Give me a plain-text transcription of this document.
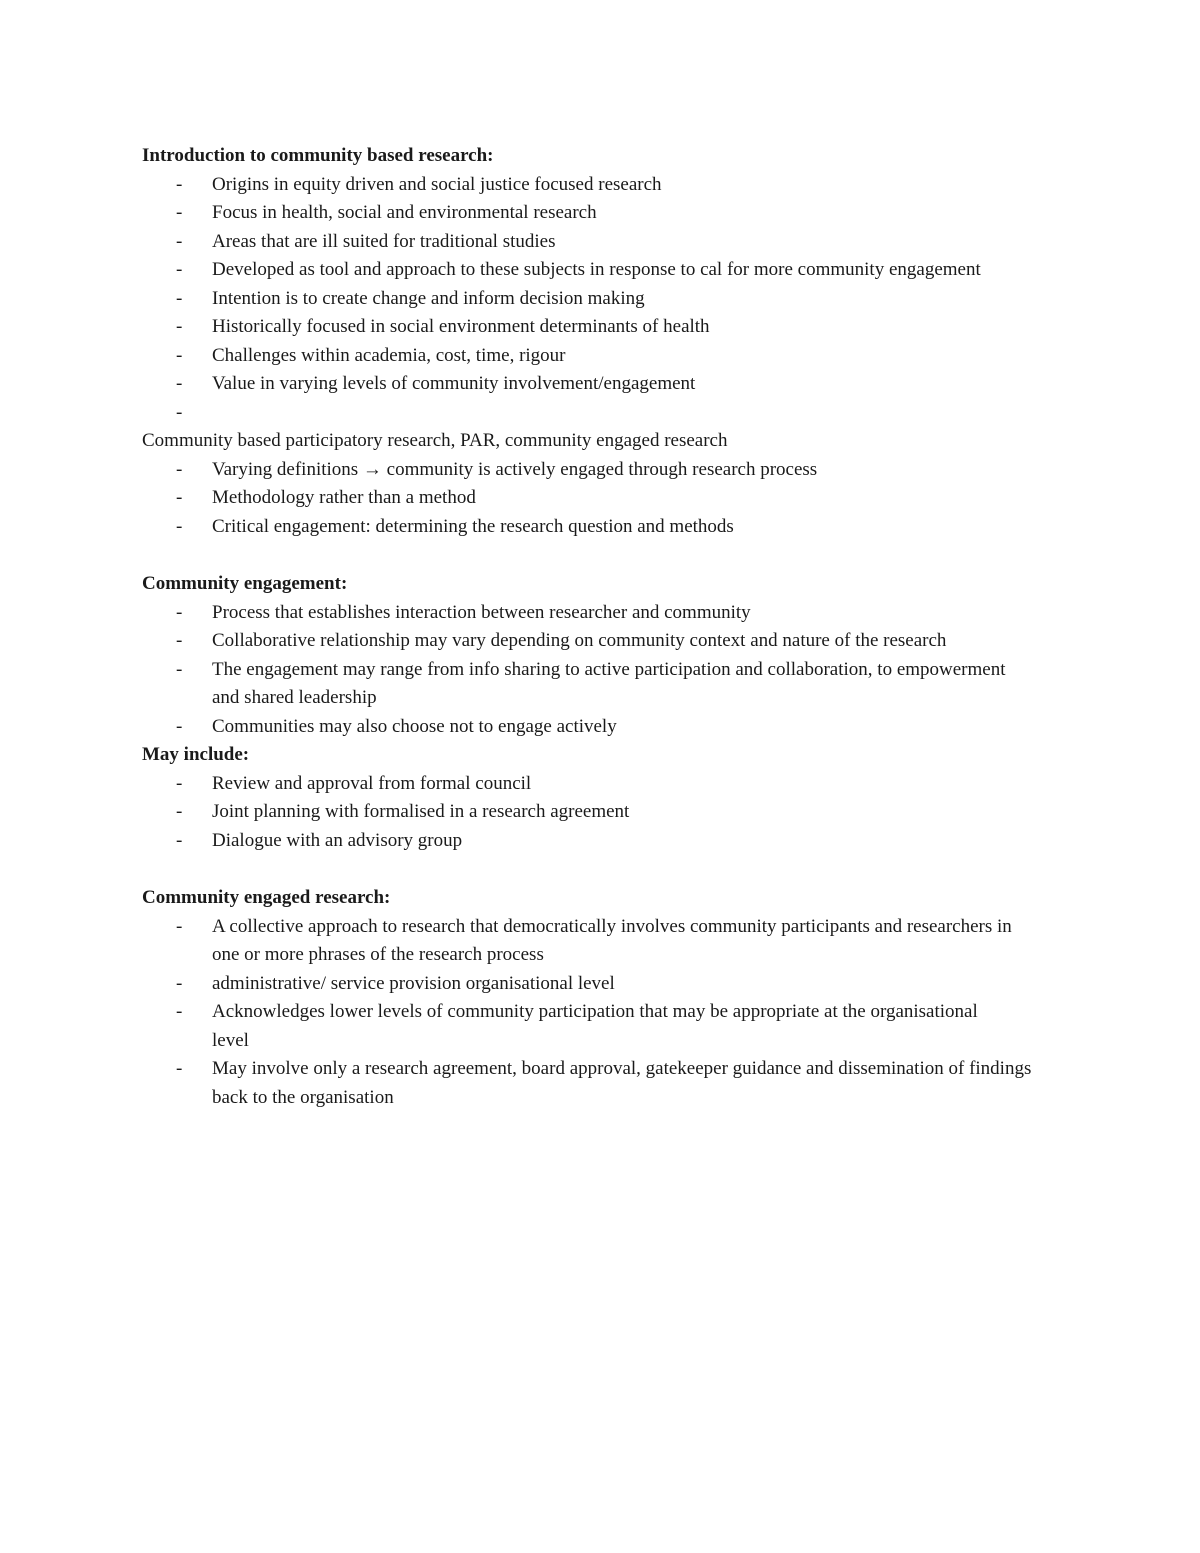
Introduction to community based research:
- Origins in equity driven and social justice focused research
- Focus in health, social and environmental research
- Areas that are ill suited for traditional studies
- Developed as tool and approach to these subjects in response to cal for more community engagement
- Intention is to create change and inform decision making
- Historically focused in social environment determinants of health
- Challenges within academia, cost, time, rigour
- Value in varying levels of community involvement/engagement
-
Community based participatory research, PAR, community engaged research
- Varying definitions → community is actively engaged through research process
- Methodology rather than a method
- Critical engagement: determining the research question and methods
Community engagement:
- Process that establishes interaction between researcher and community
- Collaborative relationship may vary depending on community context and nature of the research
- The engagement may range from info sharing to active participation and collaboration, to empowerment and shared leadership
- Communities may also choose not to engage actively
May include:
- Review and approval from formal council
- Joint planning with formalised in a research agreement
- Dialogue with an advisory group
Community engaged research:
- A collective approach to research that democratically involves community participants and researchers in one or more phrases of the research process
- administrative/ service provision organisational level
- Acknowledges lower levels of community participation that may be appropriate at the organisational level
- May involve only a research agreement, board approval, gatekeeper guidance and dissemination of findings back to the organisation
